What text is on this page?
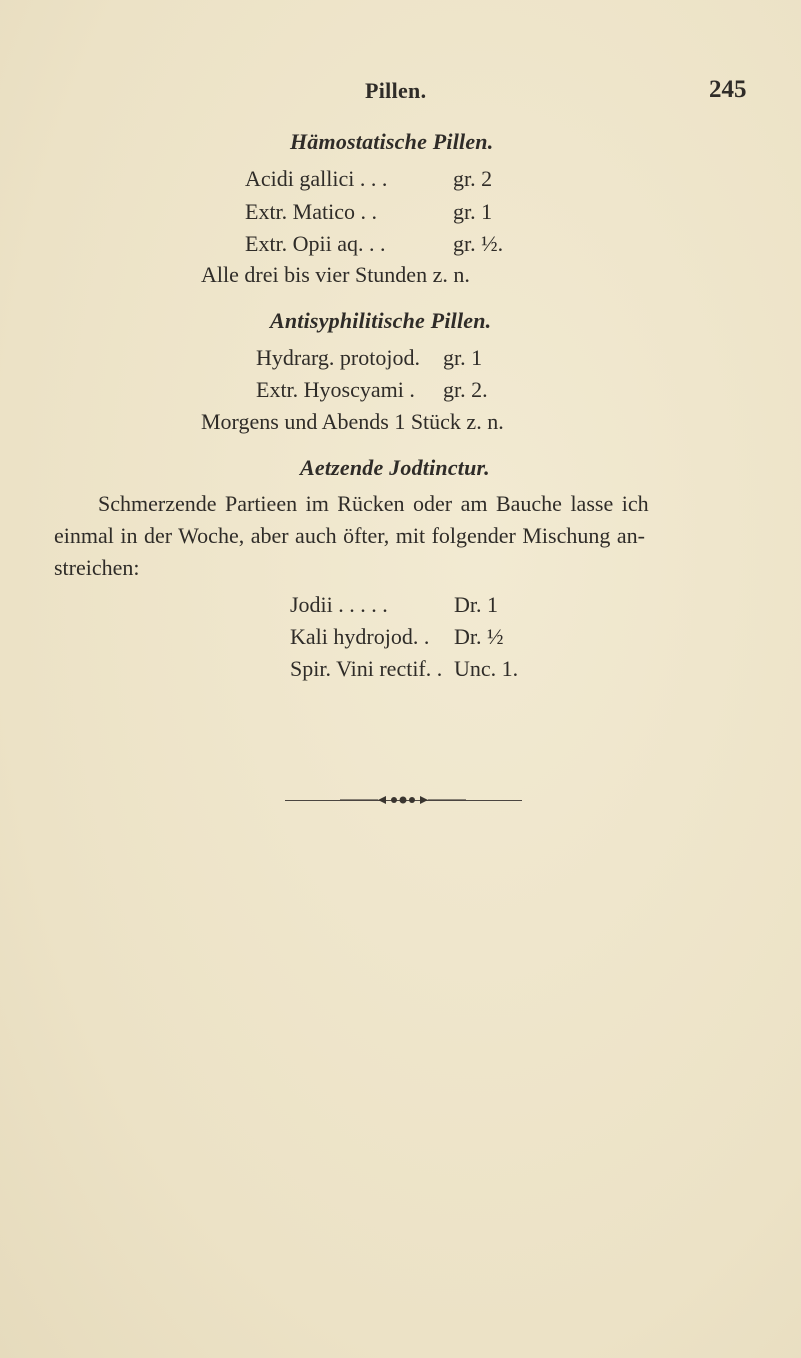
Pillen.	245
Hämostatische Pillen.
Acidi gallici . . .	gr. 2
Extr. Matico . .	gr. 1
Extr. Opii aq. . .	gr. ½.
Alle drei bis vier Stunden z. n.
Antisyphilitische Pillen.
Hydrarg. protojod. gr. 1
Extr. Hyoscyami . gr. 2.
Morgens und Abends 1 Stück z. n.
Aetzende Jodtinctur.
Schmerzende Partieen im Rücken oder am Bauche lasse ich
einmal in der Woche, aber auch öfter, mit folgender Mischung an-
streichen:
Jodii . . . . .	Dr. 1
Kali hydrojod. . Dr. ½
Spir. Vini rectif. . Unc. 1.
